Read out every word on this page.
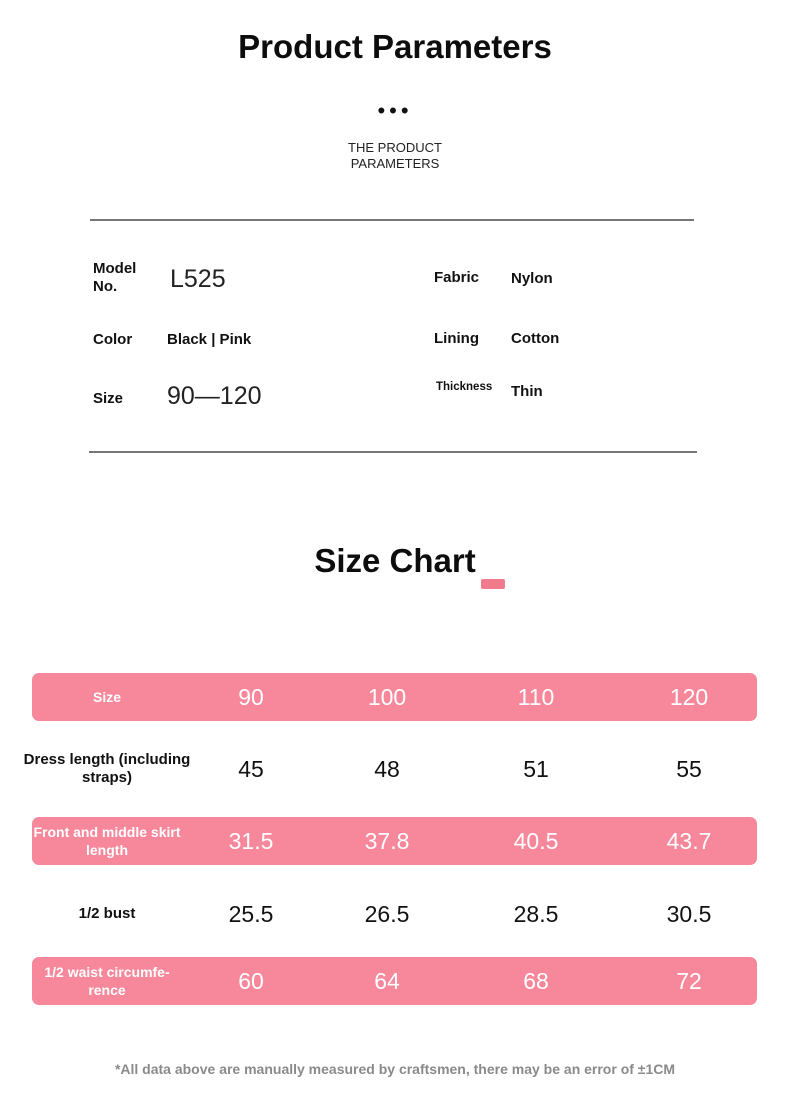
Product Parameters
•••
THE PRODUCT
PARAMETERS
Model
No.	L525	Fabric Nylon
Color Black | Pink	Lining Cotton
Size 90—120	Thickness Thin
Size Chart
Size	90	100	110	120
Dress length (including straps)	45	48	51	55
Front and middle skirt length	31.5	37.8	40.5	43.7
1/2 bust	25.5	26.5	28.5	30.5
1/2 waist circumfe-rence	60	64	68	72
*All data above are manually measured by craftsmen, there may be an error of ±1CM
